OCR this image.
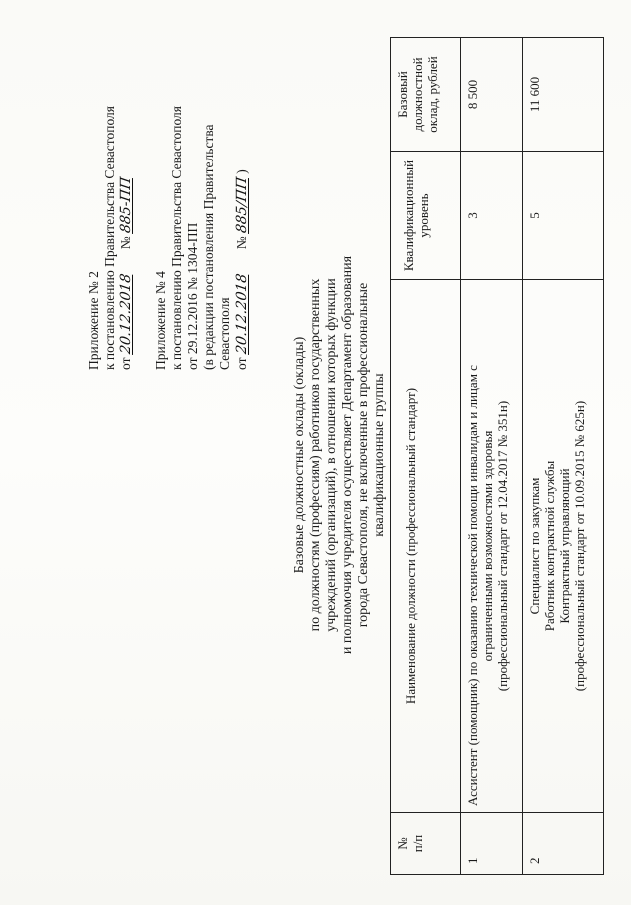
Приложение № 2 к постановлению Правительства Севастополя от 20.12.2018  № 885-ПП
Приложение № 4 к постановлению Правительства Севастополя от 29.12.2016 № 1304-ПП (в редакции постановления Правительства Севастополя от 20.12.2018  № 885/ПП )
Базовые должностные оклады (оклады) по должностям (профессиям) работников государственных учреждений (организаций), в отношении которых функции и полномочия учредителя осуществляет Департамент образования города Севастополя, не включенные в профессиональные квалификационные группы
№ п/п
Наименование должности (профессиональный стандарт)
Квалификационный уровень
Базовый должностной оклад, рублей
1
Ассистент (помощник) по оказанию технической помощи инвалидам и лицам с ограниченными возможностями здоровья (профессиональный стандарт от 12.04.2017 № 351н)
3
8 500
2
Специалист по закупкам Работник контрактной службы Контрактный управляющий (профессиональный стандарт от 10.09.2015 № 625н)
5
11 600
